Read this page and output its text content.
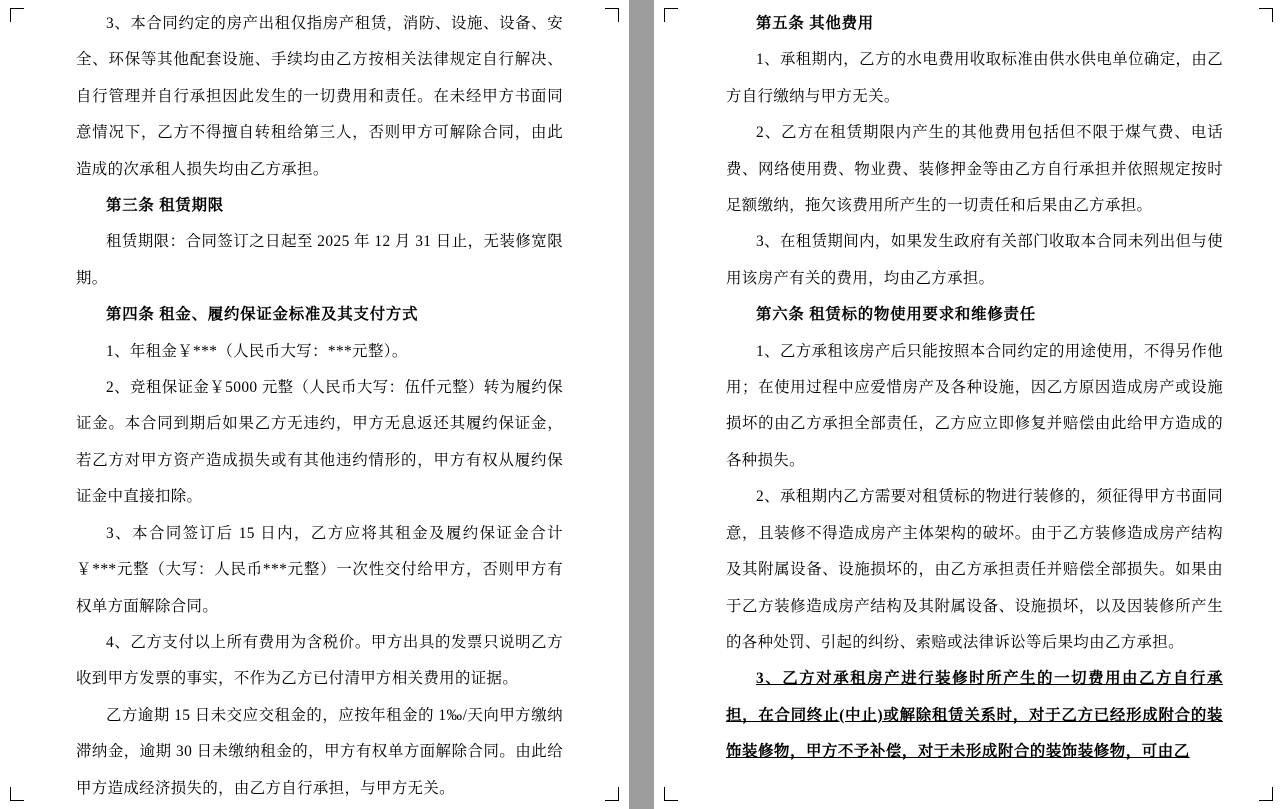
3、本合同约定的房产出租仅指房产租赁，消防、设施、设备、安全、环保等其他配套设施、手续均由乙方按相关法律规定自行解决、自行管理并自行承担因此发生的一切费用和责任。在未经甲方书面同意情况下，乙方不得擅自转租给第三人，否则甲方可解除合同，由此造成的次承租人损失均由乙方承担。

第三条 租赁期限

租赁期限：合同签订之日起至 2025 年 12 月 31 日止，无装修宽限期。

第四条 租金、履约保证金标准及其支付方式

1、年租金￥***（人民币大写：***元整）。

2、竞租保证金￥5000 元整（人民币大写：伍仟元整）转为履约保证金。本合同到期后如果乙方无违约，甲方无息返还其履约保证金，若乙方对甲方资产造成损失或有其他违约情形的，甲方有权从履约保证金中直接扣除。

3、本合同签订后 15 日内，乙方应将其租金及履约保证金合计￥***元整（大写：人民币***元整）一次性交付给甲方，否则甲方有权单方面解除合同。

4、乙方支付以上所有费用为含税价。甲方出具的发票只说明乙方收到甲方发票的事实，不作为乙方已付清甲方相关费用的证据。

乙方逾期 15 日未交应交租金的，应按年租金的 1‰/天向甲方缴纳滞纳金，逾期 30 日未缴纳租金的，甲方有权单方面解除合同。由此给甲方造成经济损失的，由乙方自行承担，与甲方无关。

第五条 其他费用

1、承租期内，乙方的水电费用收取标准由供水供电单位确定，由乙方自行缴纳与甲方无关。

2、乙方在租赁期限内产生的其他费用包括但不限于煤气费、电话费、网络使用费、物业费、装修押金等由乙方自行承担并依照规定按时足额缴纳，拖欠该费用所产生的一切责任和后果由乙方承担。

3、在租赁期间内，如果发生政府有关部门收取本合同未列出但与使用该房产有关的费用，均由乙方承担。

第六条 租赁标的物使用要求和维修责任

1、乙方承租该房产后只能按照本合同约定的用途使用，不得另作他用；在使用过程中应爱惜房产及各种设施，因乙方原因造成房产或设施损坏的由乙方承担全部责任，乙方应立即修复并赔偿由此给甲方造成的各种损失。

2、承租期内乙方需要对租赁标的物进行装修的，须征得甲方书面同意，且装修不得造成房产主体架构的破坏。由于乙方装修造成房产结构及其附属设备、设施损坏的，由乙方承担责任并赔偿全部损失。如果由于乙方装修造成房产结构及其附属设备、设施损坏，以及因装修所产生的各种处罚、引起的纠纷、索赔或法律诉讼等后果均由乙方承担。

3、乙方对承租房产进行装修时所产生的一切费用由乙方自行承担，在合同终止(中止)或解除租赁关系时，对于乙方已经形成附合的装饰装修物，甲方不予补偿，对于未形成附合的装饰装修物，可由乙
